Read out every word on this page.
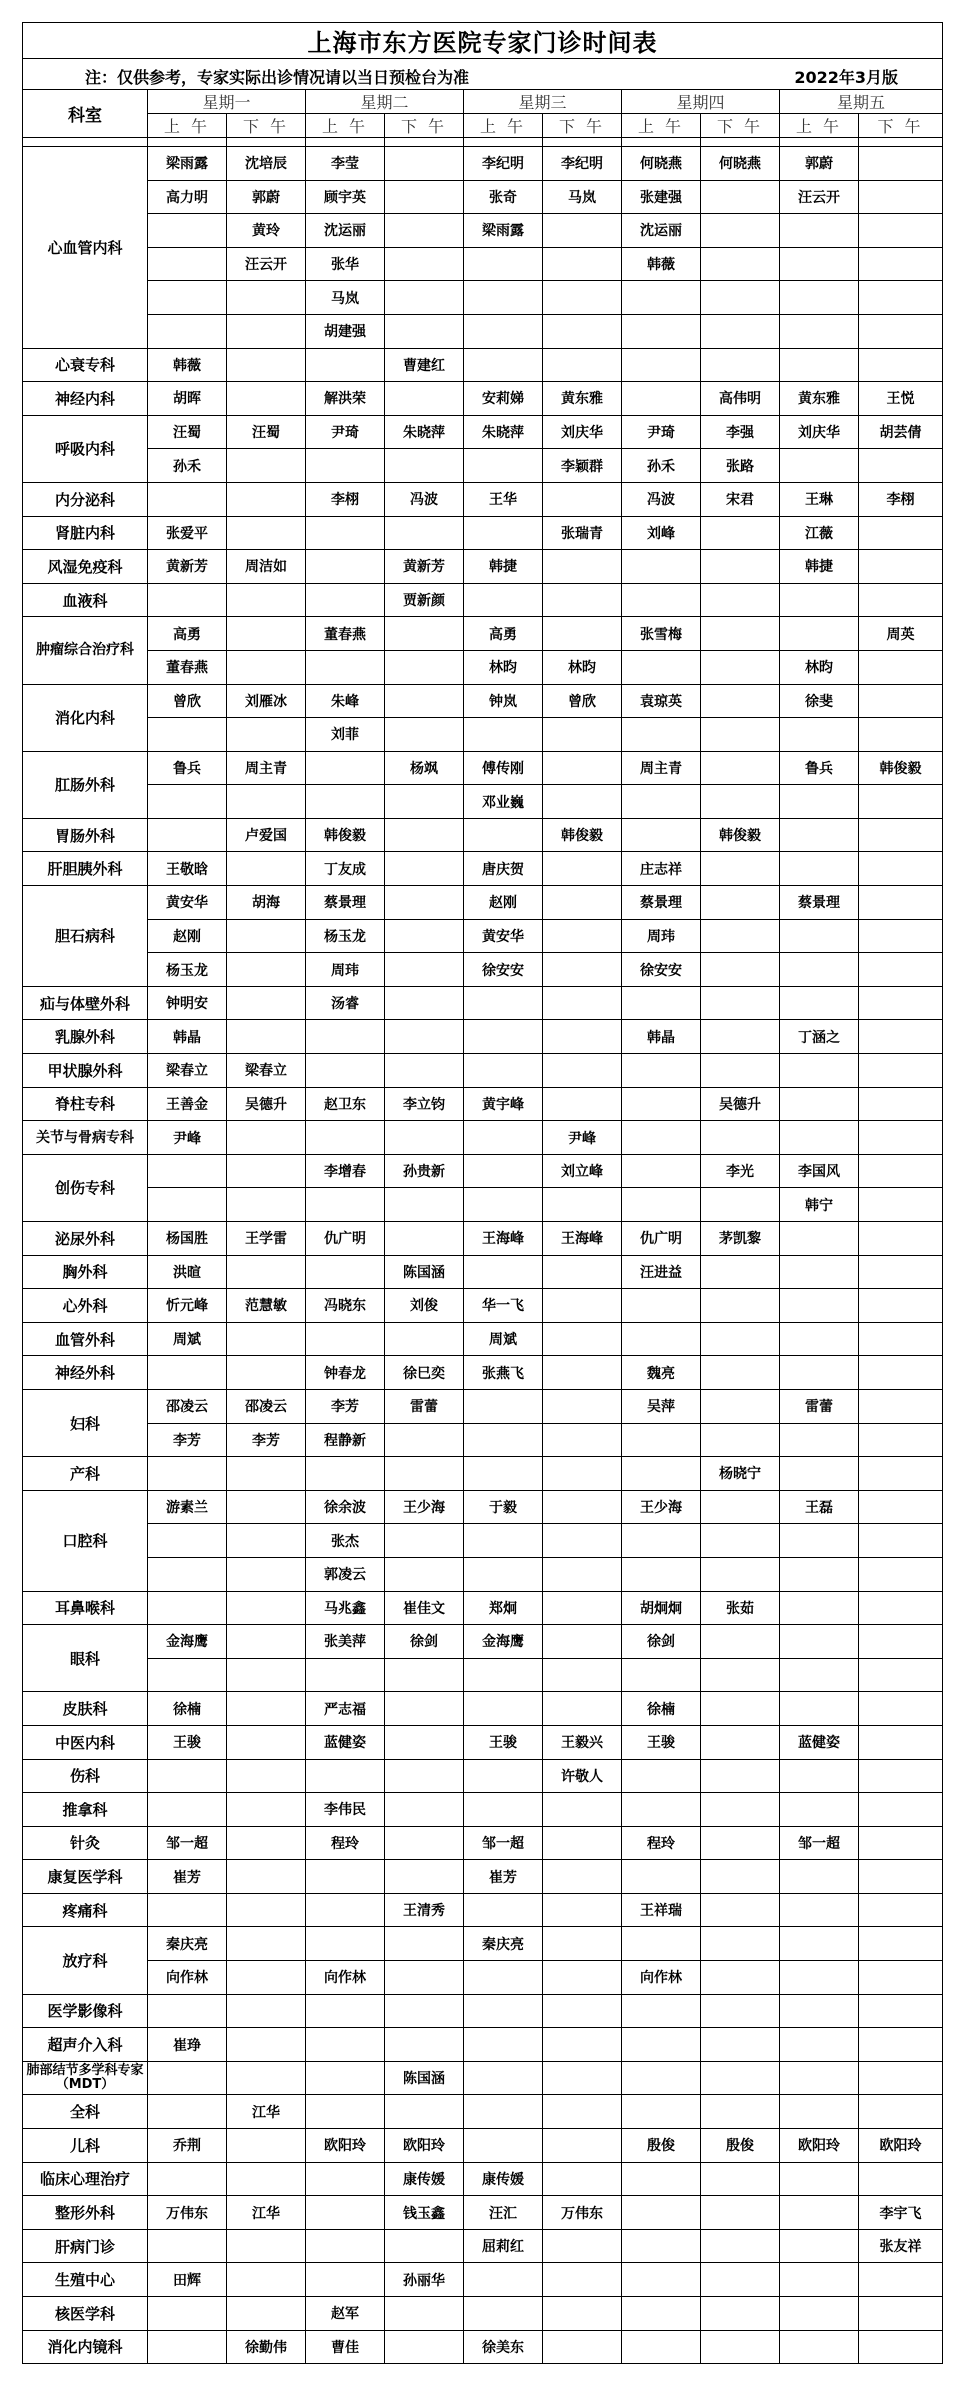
上海市东方医院专家门诊时间表										

注：仅供参考，专家实际出诊情况请以当日预检台为准 2022年3月版										

科室	星期一		星期二		星期三		星期四		星期五	
	上 午	下 午	上 午	下 午	上 午	下 午	上 午	下 午	上 午	下 午

心血管内科	梁雨露	沈培辰	李莹		李纪明	李纪明	何晓燕	何晓燕	郭蔚	
	高力明	郭蔚	顾宇英		张奇	马岚	张建强		汪云开	
		黄玲	沈运丽		梁雨露		沈运丽			
		汪云开	张华				韩薇			
			马岚							
			胡建强							
心衰专科	韩薇			曹建红						
神经内科	胡晖		解洪荣		安莉娣	黄东雅		高伟明	黄东雅	王悦
呼吸内科	汪蜀	汪蜀	尹琦	朱晓萍	朱晓萍	刘庆华	尹琦	李强	刘庆华	胡芸倩
	孙禾					李颖群	孙禾	张路		
内分泌科			李栩	冯波	王华		冯波	宋君	王琳	李栩
肾脏内科	张爱平					张瑞青	刘峰		江薇	
风湿免疫科	黄新芳	周洁如		黄新芳	韩捷				韩捷	
血液科				贾新颜						
肿瘤综合治疗科	高勇		董春燕		高勇		张雪梅			周英
	董春燕				林昀	林昀			林昀	
消化内科	曾欣	刘雁冰	朱峰		钟岚	曾欣	袁琼英		徐斐	
			刘菲							
肛肠外科	鲁兵	周主青		杨飒	傅传刚		周主青		鲁兵	韩俊毅
					邓业巍					
胃肠外科		卢爱国	韩俊毅			韩俊毅		韩俊毅		
肝胆胰外科	王敬晗		丁友成		唐庆贺		庄志祥			
胆石病科	黄安华	胡海	蔡景理		赵刚		蔡景理		蔡景理	
	赵刚		杨玉龙		黄安华		周玮			
	杨玉龙		周玮		徐安安		徐安安			
疝与体壁外科	钟明安		汤睿							
乳腺外科	韩晶						韩晶		丁涵之	
甲状腺外科	梁春立	梁春立								
脊柱专科	王善金	吴德升	赵卫东	李立钧	黄宇峰			吴德升		
关节与骨病专科	尹峰					尹峰				
创伤专科			李增春	孙贵新		刘立峰		李光	李国风	
									韩宁	
泌尿外科	杨国胜	王学雷	仇广明		王海峰	王海峰	仇广明	茅凯黎		
胸外科	洪暄			陈国涵			汪进益			
心外科	忻元峰	范慧敏	冯晓东	刘俊	华一飞					
血管外科	周斌				周斌					
神经外科			钟春龙	徐巳奕	张燕飞		魏亮			
妇科	邵凌云	邵凌云	李芳	雷蕾			吴萍		雷蕾	
	李芳	李芳	程静新							
产科								杨晓宁		
口腔科	游素兰		徐余波	王少海	于毅		王少海		王磊	
			张杰							
			郭凌云							
耳鼻喉科			马兆鑫	崔佳文	郑炯		胡炯炯	张茹		
眼科	金海鹰		张美萍	徐剑	金海鹰		徐剑			

皮肤科	徐楠		严志福				徐楠			
中医内科	王骏		蓝健姿		王骏	王毅兴	王骏		蓝健姿	
伤科						许敬人				
推拿科			李伟民							
针灸	邹一超		程玲		邹一超		程玲		邹一超	
康复医学科	崔芳				崔芳					
疼痛科				王清秀			王祥瑞			
放疗科	秦庆亮				秦庆亮					
	向作林		向作林				向作林			
医学影像科										
超声介入科	崔琤									
肺部结节多学科专家（MDT）				陈国涵						
全科		江华								
儿科	乔荆		欧阳玲	欧阳玲			殷俊	殷俊	欧阳玲	欧阳玲
临床心理治疗				康传媛	康传媛					
整形外科	万伟东	江华		钱玉鑫	汪汇	万伟东				李宇飞
肝病门诊					屈莉红					张友祥
生殖中心	田辉			孙丽华						
核医学科			赵军							
消化内镜科		徐勤伟	曹佳		徐美东					
